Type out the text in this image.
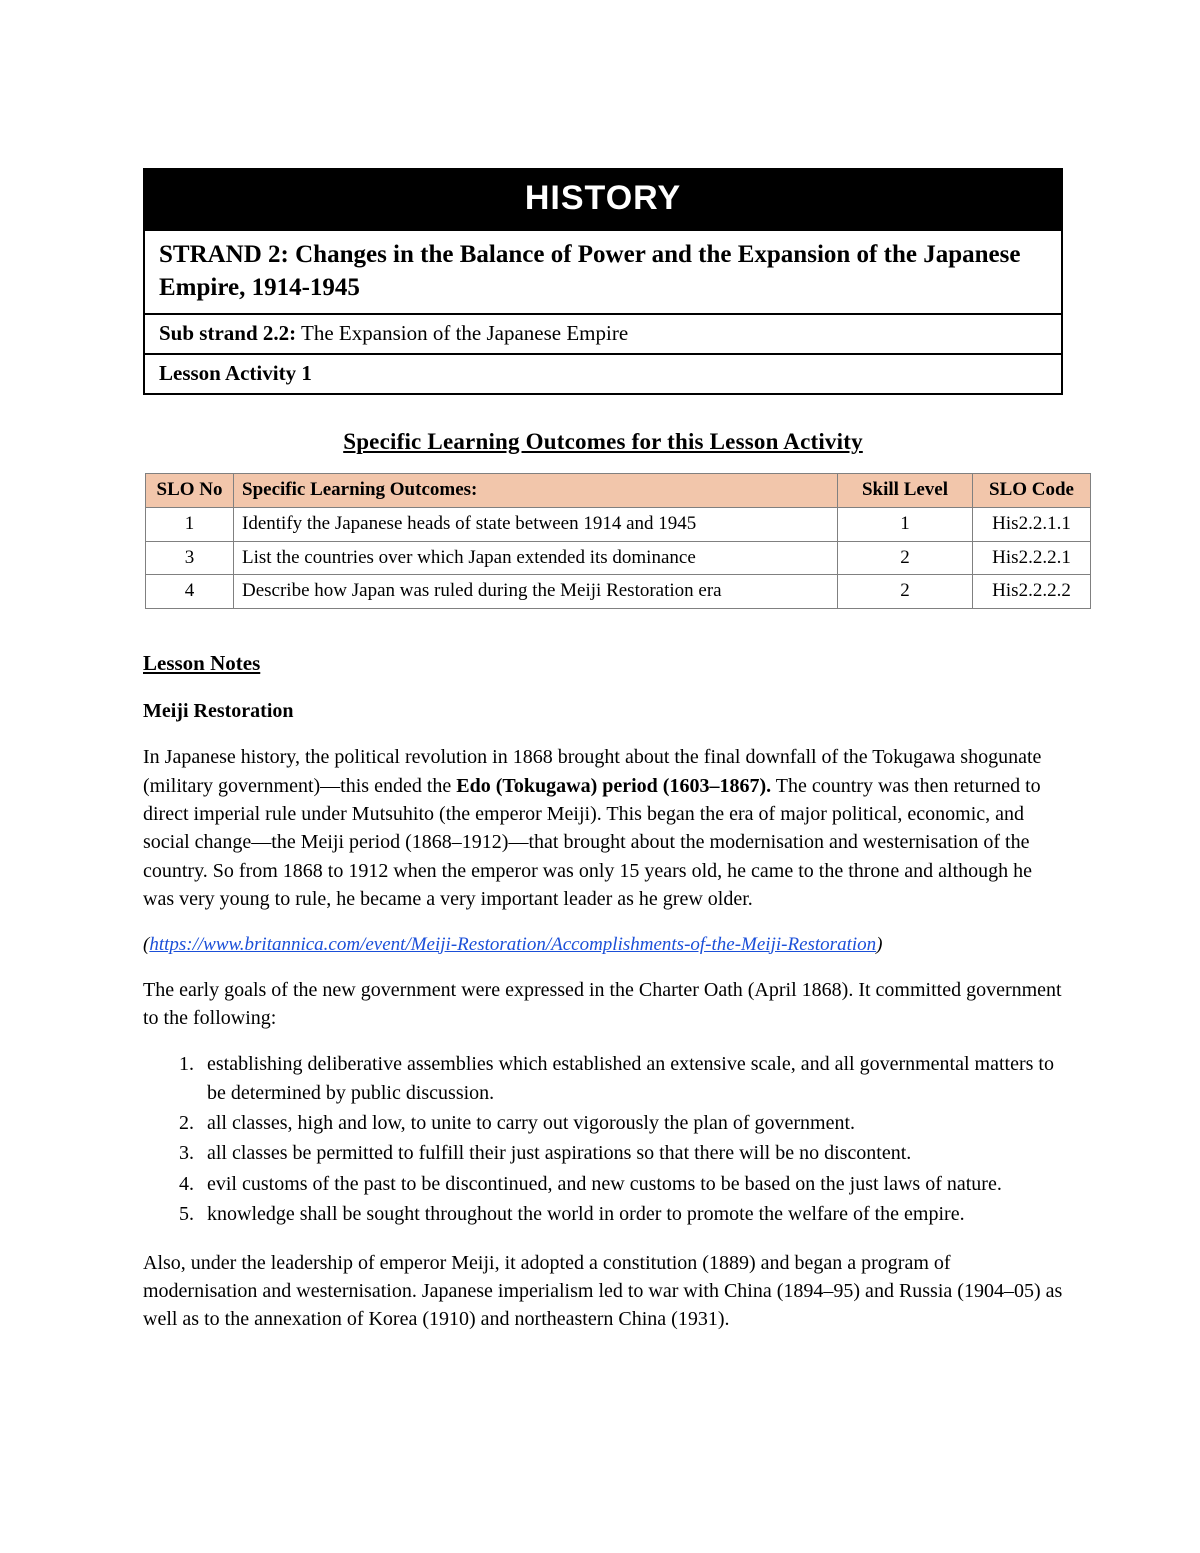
HISTORY
STRAND 2: Changes in the Balance of Power and the Expansion of the Japanese Empire, 1914-1945
Sub strand 2.2: The Expansion of the Japanese Empire
Lesson Activity 1
Specific Learning Outcomes for this Lesson Activity
SLO No	Specific Learning Outcomes:	Skill Level	SLO Code
1	Identify the Japanese heads of state between 1914 and 1945	1	His2.2.1.1
3	List the countries over which Japan extended its dominance	2	His2.2.2.1
4	Describe how Japan was ruled during the Meiji Restoration era	2	His2.2.2.2
Lesson Notes
Meiji Restoration

In Japanese history, the political revolution in 1868 brought about the final downfall of the Tokugawa shogunate (military government)—this ended the Edo (Tokugawa) period (1603–1867). The country was then returned to direct imperial rule under Mutsuhito (the emperor Meiji). This began the era of major political, economic, and social change—the Meiji period (1868–1912)—that brought about the modernisation and westernisation of the country. So from 1868 to 1912 when the emperor was only 15 years old, he came to the throne and although he was very young to rule, he became a very important leader as he grew older.

(https://www.britannica.com/event/Meiji-Restoration/Accomplishments-of-the-Meiji-Restoration)

The early goals of the new government were expressed in the Charter Oath (April 1868). It committed government to the following:

1. establishing deliberative assemblies which established an extensive scale, and all governmental matters to be determined by public discussion.
2. all classes, high and low, to unite to carry out vigorously the plan of government.
3. all classes be permitted to fulfill their just aspirations so that there will be no discontent.
4. evil customs of the past to be discontinued, and new customs to be based on the just laws of nature.
5. knowledge shall be sought throughout the world in order to promote the welfare of the empire.

Also, under the leadership of emperor Meiji, it adopted a constitution (1889) and began a program of modernisation and westernisation. Japanese imperialism led to war with China (1894–95) and Russia (1904–05) as well as to the annexation of Korea (1910) and northeastern China (1931).
